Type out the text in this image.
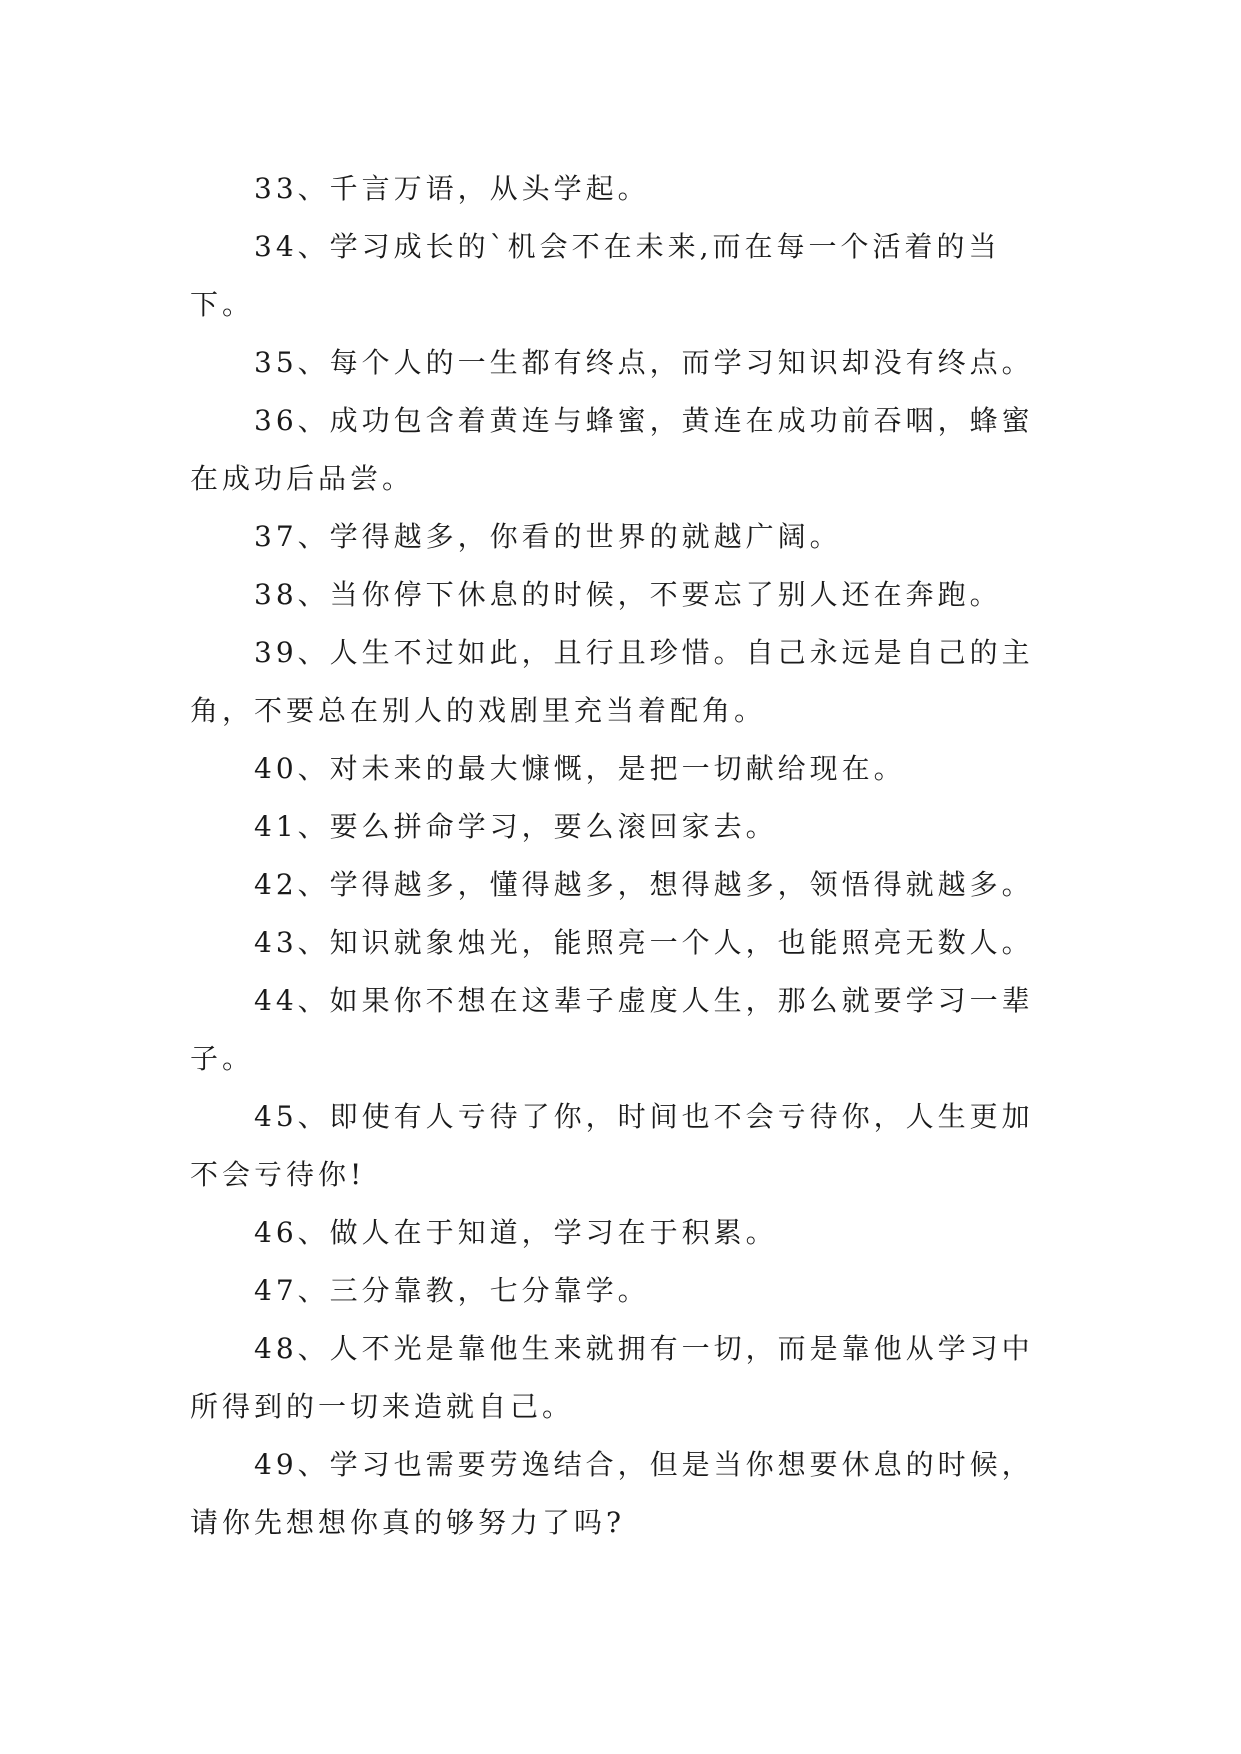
33、千言万语，从头学起。

34、学习成长的`机会不在未来,而在每一个活着的当下。

35、每个人的一生都有终点，而学习知识却没有终点。

36、成功包含着黄连与蜂蜜，黄连在成功前吞咽，蜂蜜在成功后品尝。

37、学得越多，你看的世界的就越广阔。

38、当你停下休息的时候，不要忘了别人还在奔跑。

39、人生不过如此，且行且珍惜。自己永远是自己的主角，不要总在别人的戏剧里充当着配角。

40、对未来的最大慷慨，是把一切献给现在。

41、要么拼命学习，要么滚回家去。

42、学得越多，懂得越多，想得越多，领悟得就越多。

43、知识就象烛光，能照亮一个人，也能照亮无数人。

44、如果你不想在这辈子虚度人生，那么就要学习一辈子。

45、即使有人亏待了你，时间也不会亏待你，人生更加不会亏待你!

46、做人在于知道，学习在于积累。

47、三分靠教，七分靠学。

48、人不光是靠他生来就拥有一切，而是靠他从学习中所得到的一切来造就自己。

49、学习也需要劳逸结合，但是当你想要休息的时候，请你先想想你真的够努力了吗?
